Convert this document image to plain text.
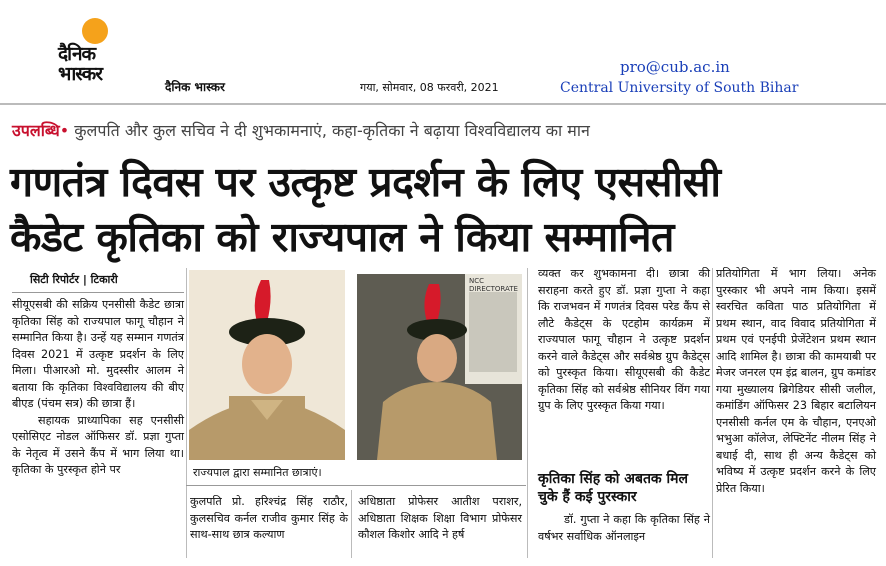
दैनिक भास्कर
दैनिक भास्कर	गया, सोमवार, 08 फरवरी, 2021
pro@cub.ac.in
Central University of South Bihar
उपलब्धि• कुलपति और कुल सचिव ने दी शुभकामनाएं, कहा-कृतिका ने बढ़ाया विश्वविद्यालय का मान
गणतंत्र दिवस पर उत्कृष्ट प्रदर्शन के लिए एससीसी
कैडेट कृतिका को राज्यपाल ने किया सम्मानित
सिटी रिपोर्टर | टिकारी
सीयूएसबी की सक्रिय एनसीसी कैडेट छात्रा कृतिका सिंह को राज्यपाल फागू चौहान ने सम्मानित किया है। उन्हें यह सम्मान गणतंत्र दिवस 2021 में उत्कृष्ट प्रदर्शन के लिए मिला। पीआरओ मो. मुदस्सीर आलम ने बताया कि कृतिका विश्वविद्यालय की बीए बीएड (पंचम सत्र) की छात्रा हैं।
सहायक प्राध्यापिका सह एनसीसी एसोसिएट नोडल ऑफिसर डॉ. प्रज्ञा गुप्ता के नेतृत्व में उसने कैंप में भाग लिया था। कृतिका के पुरस्कृत होने पर
NCC DIRECTORATE
राज्यपाल द्वारा सम्मानित छात्राएं।
कुलपति प्रो. हरिश्चंद्र सिंह राठौर, कुलसचिव कर्नल राजीव कुमार सिंह के साथ-साथ छात्र कल्याण
अधिष्ठाता प्रोफेसर आतीश पराशर, अधिष्ठाता शिक्षक शिक्षा विभाग प्रोफेसर कौशल किशोर आदि ने हर्ष
व्यक्त कर शुभकामना दी। छात्रा की सराहना करते हुए डॉ. प्रज्ञा गुप्ता ने कहा कि राजभवन में गणतंत्र दिवस परेड कैंप से लौटे कैडेट्स के एटहोम कार्यक्रम में राज्यपाल फागू चौहान ने उत्कृष्ट प्रदर्शन करने वाले कैडेट्स और सर्वश्रेष्ठ ग्रुप कैडेट्स को पुरस्कृत किया। सीयूएसबी की कैडेट कृतिका सिंह को सर्वश्रेष्ठ सीनियर विंग गया ग्रुप के लिए पुरस्कृत किया गया।
कृतिका सिंह को अबतक मिल चुके हैं कई पुरस्कार
डॉ. गुप्ता ने कहा कि कृतिका सिंह ने वर्षभर सर्वाधिक ऑनलाइन
प्रतियोगिता में भाग लिया। अनेक पुरस्कार भी अपने नाम किया। इसमें स्वरचित कविता पाठ प्रतियोगिता में प्रथम स्थान, वाद विवाद प्रतियोगिता में प्रथम एवं एनईपी प्रेजेंटेशन प्रथम स्थान आदि शामिल है। छात्रा की कामयाबी पर मेजर जनरल एम इंद्र बालन, ग्रुप कमांडर गया मुख्यालय ब्रिगेडियर सीसी जलील, कमांडिंग ऑफिसर 23 बिहार बटालियन एनसीसी कर्नल एम के चौहान, एनएओ भभुआ कॉलेज, लेफ्टिनेंट नीलम सिंह ने बधाई दी, साथ ही अन्य कैडेट्स को भविष्य में उत्कृष्ट प्रदर्शन करने के लिए प्रेरित किया।
